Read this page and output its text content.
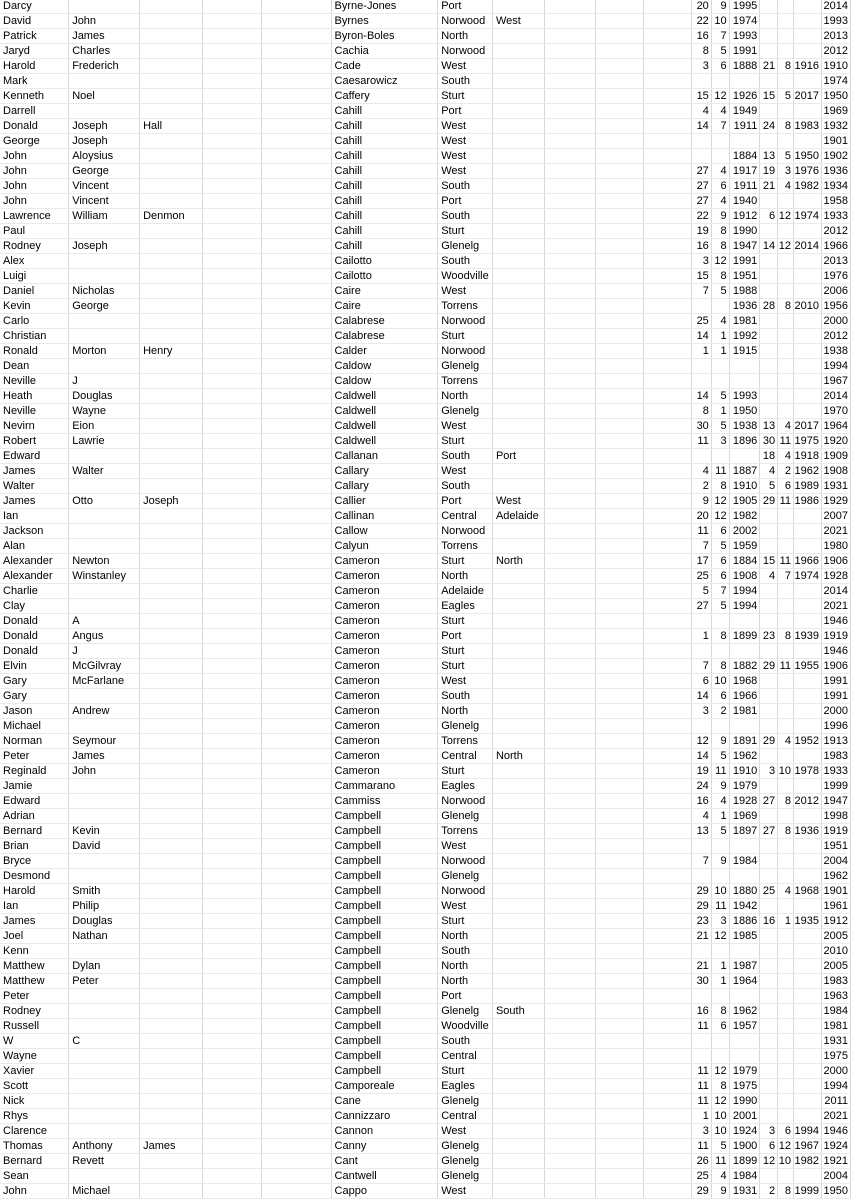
Darcy					Byrne-Jones	Port					20	9	1995				2014
David	John				Byrnes	Norwood	West				22	10	1974				1993
Patrick	James				Byron-Boles	North					16	7	1993				2013
Jaryd	Charles				Cachia	Norwood					8	5	1991				2012
Harold	Frederich				Cade	West					3	6	1888	21	8	1916	1910
Mark					Caesarowicz	South											1974
Kenneth	Noel				Caffery	Sturt					15	12	1926	15	5	2017	1950
Darrell					Cahill	Port					4	4	1949				1969
Donald	Joseph	Hall			Cahill	West					14	7	1911	24	8	1983	1932
George	Joseph				Cahill	West											1901
John	Aloysius				Cahill	West							1884	13	5	1950	1902
John	George				Cahill	West					27	4	1917	19	3	1976	1936
John	Vincent				Cahill	South					27	6	1911	21	4	1982	1934
John	Vincent				Cahill	Port					27	4	1940				1958
Lawrence	William	Denmon			Cahill	South					22	9	1912	6	12	1974	1933
Paul					Cahill	Sturt					19	8	1990				2012
Rodney	Joseph				Cahill	Glenelg					16	8	1947	14	12	2014	1966
Alex					Cailotto	South					3	12	1991				2013
Luigi					Cailotto	Woodville					15	8	1951				1976
Daniel	Nicholas				Caire	West					7	5	1988				2006
Kevin	George				Caire	Torrens							1936	28	8	2010	1956
Carlo					Calabrese	Norwood					25	4	1981				2000
Christian					Calabrese	Sturt					14	1	1992				2012
Ronald	Morton	Henry			Calder	Norwood					1	1	1915				1938
Dean					Caldow	Glenelg											1994
Neville	J				Caldow	Torrens											1967
Heath	Douglas				Caldwell	North					14	5	1993				2014
Neville	Wayne				Caldwell	Glenelg					8	1	1950				1970
Nevirn	Eion				Caldwell	West					30	5	1938	13	4	2017	1964
Robert	Lawrie				Caldwell	Sturt					11	3	1896	30	11	1975	1920
Edward					Callanan	South	Port							18	4	1918	1909
James	Walter				Callary	West					4	11	1887	4	2	1962	1908
Walter					Callary	South					2	8	1910	5	6	1989	1931
James	Otto	Joseph			Callier	Port	West				9	12	1905	29	11	1986	1929
Ian					Callinan	Central	Adelaide				20	12	1982				2007
Jackson					Callow	Norwood					11	6	2002				2021
Alan					Calyun	Torrens					7	5	1959				1980
Alexander	Newton				Cameron	Sturt	North				17	6	1884	15	11	1966	1906
Alexander	Winstanley				Cameron	North					25	6	1908	4	7	1974	1928
Charlie					Cameron	Adelaide					5	7	1994				2014
Clay					Cameron	Eagles					27	5	1994				2021
Donald	A				Cameron	Sturt											1946
Donald	Angus				Cameron	Port					1	8	1899	23	8	1939	1919
Donald	J				Cameron	Sturt											1946
Elvin	McGilvray				Cameron	Sturt					7	8	1882	29	11	1955	1906
Gary	McFarlane				Cameron	West					6	10	1968				1991
Gary					Cameron	South					14	6	1966				1991
Jason	Andrew				Cameron	North					3	2	1981				2000
Michael					Cameron	Glenelg											1996
Norman	Seymour				Cameron	Torrens					12	9	1891	29	4	1952	1913
Peter	James				Cameron	Central	North				14	5	1962				1983
Reginald	John				Cameron	Sturt					19	11	1910	3	10	1978	1933
Jamie					Cammarano	Eagles					24	9	1979				1999
Edward					Cammiss	Norwood					16	4	1928	27	8	2012	1947
Adrian					Campbell	Glenelg					4	1	1969				1998
Bernard	Kevin				Campbell	Torrens					13	5	1897	27	8	1936	1919
Brian	David				Campbell	West											1951
Bryce					Campbell	Norwood					7	9	1984				2004
Desmond					Campbell	Glenelg											1962
Harold	Smith				Campbell	Norwood					29	10	1880	25	4	1968	1901
Ian	Philip				Campbell	West					29	11	1942				1961
James	Douglas				Campbell	Sturt					23	3	1886	16	1	1935	1912
Joel	Nathan				Campbell	North					21	12	1985				2005
Kenn					Campbell	South											2010
Matthew	Dylan				Campbell	North					21	1	1987				2005
Matthew	Peter				Campbell	North					30	1	1964				1983
Peter					Campbell	Port											1963
Rodney					Campbell	Glenelg	South				16	8	1962				1984
Russell					Campbell	Woodville					11	6	1957				1981
W	C				Campbell	South											1931
Wayne					Campbell	Central											1975
Xavier					Campbell	Sturt					11	12	1979				2000
Scott					Camporeale	Eagles					11	8	1975				1994
Nick					Cane	Glenelg					11	12	1990				2011
Rhys					Cannizzaro	Central					1	10	2001				2021
Clarence					Cannon	West					3	10	1924	3	6	1994	1946
Thomas	Anthony	James			Canny	Glenelg					11	5	1900	6	12	1967	1924
Bernard	Revett				Cant	Glenelg					26	11	1899	12	10	1982	1921
Sean					Cantwell	Glenelg					25	4	1984				2004
John	Michael				Cappo	West					29	9	1931	2	8	1999	1950
